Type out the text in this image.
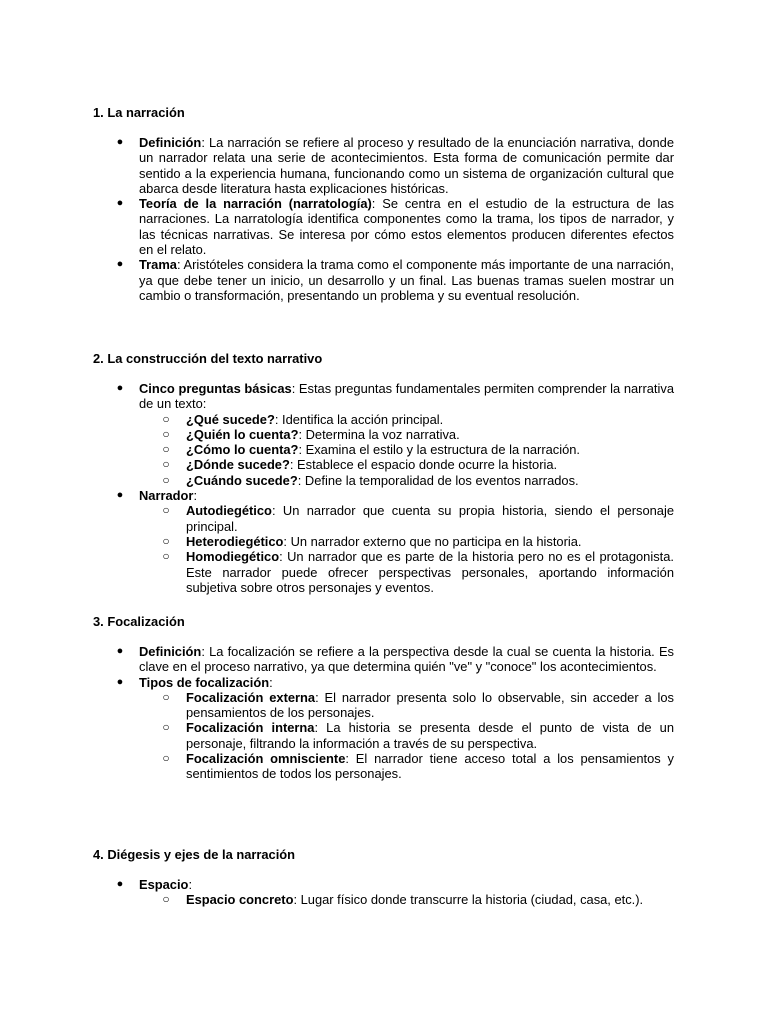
1. La narración
● Definición: La narración se refiere al proceso y resultado de la enunciación narrativa, donde un narrador relata una serie de acontecimientos. Esta forma de comunicación permite dar sentido a la experiencia humana, funcionando como un sistema de organización cultural que abarca desde literatura hasta explicaciones históricas.
● Teoría de la narración (narratología): Se centra en el estudio de la estructura de las narraciones. La narratología identifica componentes como la trama, los tipos de narrador, y las técnicas narrativas. Se interesa por cómo estos elementos producen diferentes efectos en el relato.
● Trama: Aristóteles considera la trama como el componente más importante de una narración, ya que debe tener un inicio, un desarrollo y un final. Las buenas tramas suelen mostrar un cambio o transformación, presentando un problema y su eventual resolución.
2. La construcción del texto narrativo
● Cinco preguntas básicas: Estas preguntas fundamentales permiten comprender la narrativa de un texto:
○ ¿Qué sucede?: Identifica la acción principal.
○ ¿Quién lo cuenta?: Determina la voz narrativa.
○ ¿Cómo lo cuenta?: Examina el estilo y la estructura de la narración.
○ ¿Dónde sucede?: Establece el espacio donde ocurre la historia.
○ ¿Cuándo sucede?: Define la temporalidad de los eventos narrados.
● Narrador:
○ Autodiegético: Un narrador que cuenta su propia historia, siendo el personaje principal.
○ Heterodiegético: Un narrador externo que no participa en la historia.
○ Homodiegético: Un narrador que es parte de la historia pero no es el protagonista. Este narrador puede ofrecer perspectivas personales, aportando información subjetiva sobre otros personajes y eventos.
3. Focalización
● Definición: La focalización se refiere a la perspectiva desde la cual se cuenta la historia. Es clave en el proceso narrativo, ya que determina quién "ve" y "conoce" los acontecimientos.
● Tipos de focalización:
○ Focalización externa: El narrador presenta solo lo observable, sin acceder a los pensamientos de los personajes.
○ Focalización interna: La historia se presenta desde el punto de vista de un personaje, filtrando la información a través de su perspectiva.
○ Focalización omnisciente: El narrador tiene acceso total a los pensamientos y sentimientos de todos los personajes.
4. Diégesis y ejes de la narración
● Espacio:
○ Espacio concreto: Lugar físico donde transcurre la historia (ciudad, casa, etc.).
